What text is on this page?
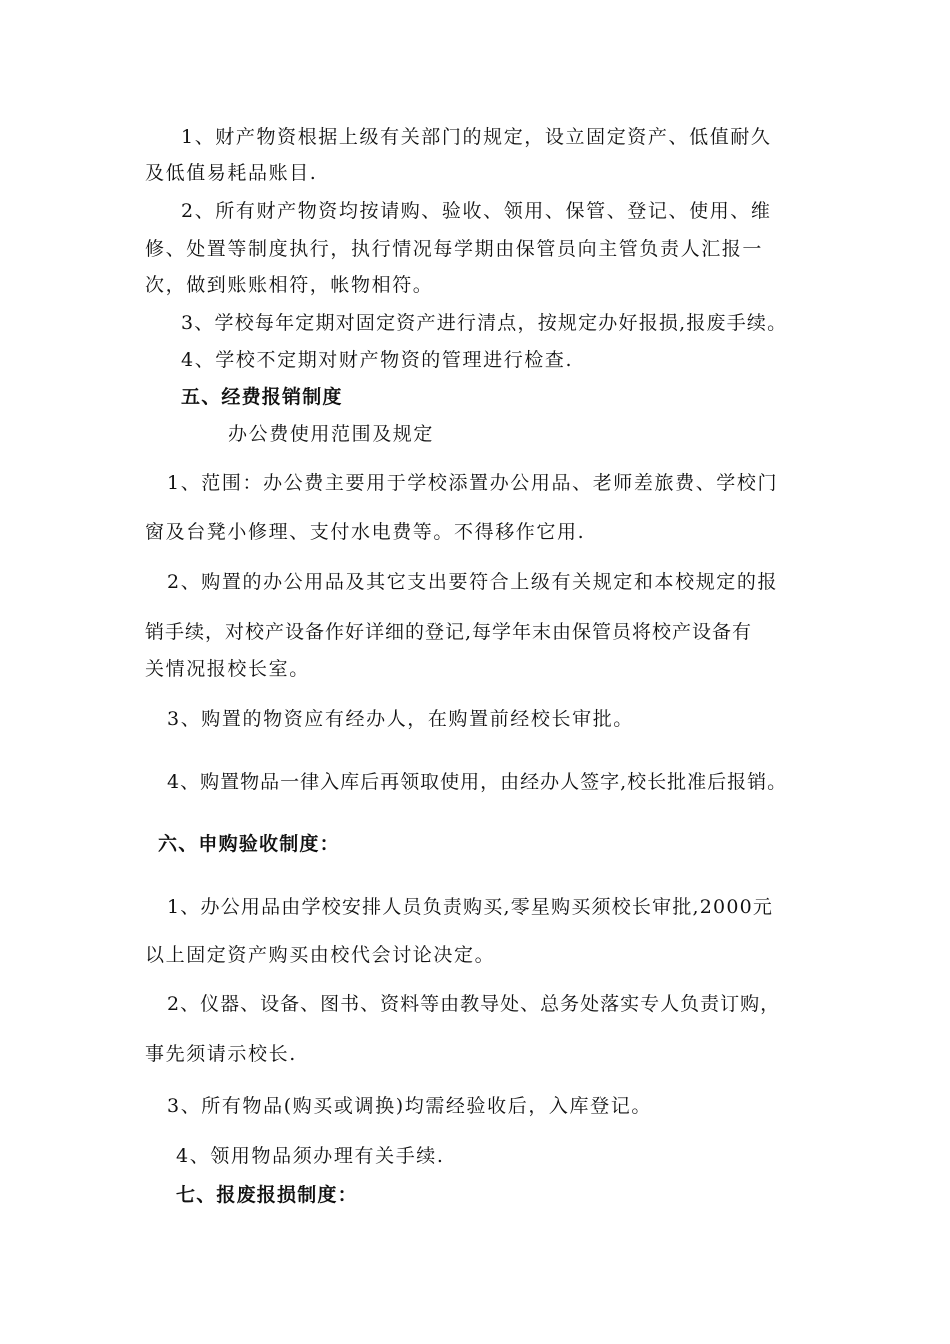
1、财产物资根据上级有关部门的规定，设立固定资产、低值耐久
及低值易耗品账目.
2、所有财产物资均按请购、验收、领用、保管、登记、使用、维
修、处置等制度执行，执行情况每学期由保管员向主管负责人汇报一
次，做到账账相符，帐物相符。
3、学校每年定期对固定资产进行清点，按规定办好报损,报废手续。
4、学校不定期对财产物资的管理进行检查.
五、经费报销制度
办公费使用范围及规定
1、范围：办公费主要用于学校添置办公用品、老师差旅费、学校门
窗及台凳小修理、支付水电费等。不得移作它用.
2、购置的办公用品及其它支出要符合上级有关规定和本校规定的报
销手续，对校产设备作好详细的登记,每学年末由保管员将校产设备有
关情况报校长室。
3、购置的物资应有经办人，在购置前经校长审批。
4、购置物品一律入库后再领取使用，由经办人签字,校长批准后报销。
六、申购验收制度：
1、办公用品由学校安排人员负责购买,零星购买须校长审批,2000元
以上固定资产购买由校代会讨论决定。
2、仪器、设备、图书、资料等由教导处、总务处落实专人负责订购，
事先须请示校长.
3、所有物品(购买或调换)均需经验收后，入库登记。
4、领用物品须办理有关手续.
七、报废报损制度：
